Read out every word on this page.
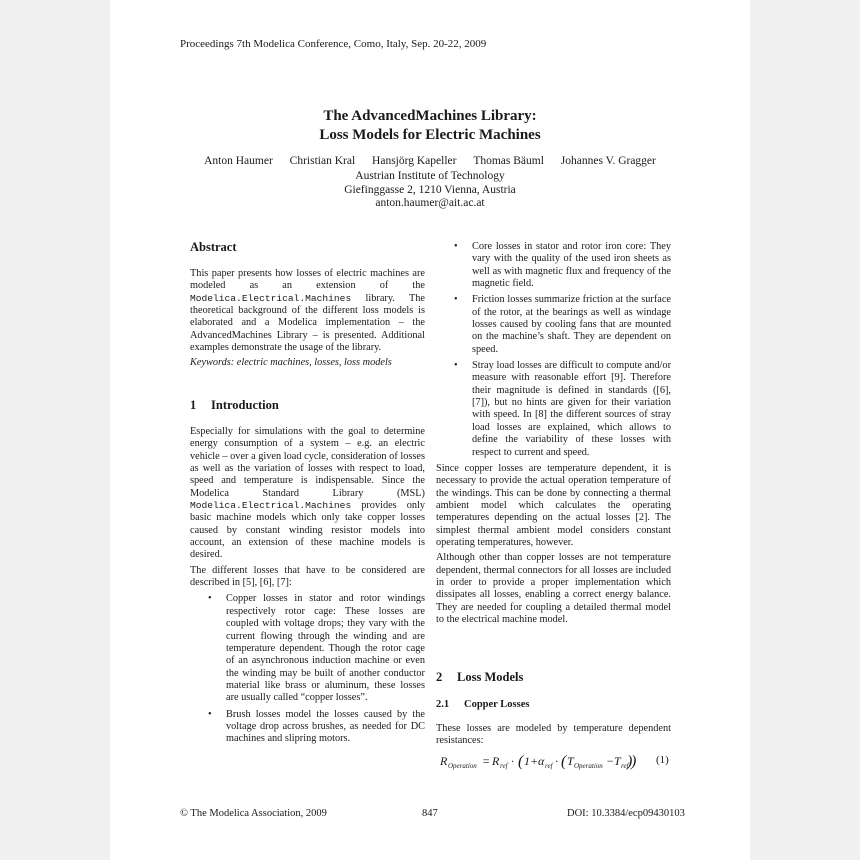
Proceedings 7th Modelica Conference, Como, Italy, Sep. 20-22, 2009
The AdvancedMachines Library:
Loss Models for Electric Machines
Anton Haumer Christian Kral Hansjörg Kapeller Thomas Bäuml Johannes V. Gragger
Austrian Institute of Technology
Giefinggasse 2, 1210 Vienna, Austria
anton.haumer@ait.ac.at
Abstract

This paper presents how losses of electric machines are modeled as an extension of the Modelica.Electrical.Machines library. The theoretical background of the different loss models is elaborated and a Modelica implementation – the AdvancedMachines Library – is presented. Additional examples demonstrate the usage of the library.

Keywords: electric machines, losses, loss models

1 Introduction

Especially for simulations with the goal to determine energy consumption of a system – e.g. an electric vehicle – over a given load cycle, consideration of losses as well as the variation of losses with respect to load, speed and temperature is indispensable. Since the Modelica Standard Library (MSL) Modelica.Electrical.Machines provides only basic machine models which only take copper losses caused by constant winding resistor models into account, an extension of these machine models is desired.

The different losses that have to be considered are described in [5], [6], [7]:

• Copper losses in stator and rotor windings respectively rotor cage: These losses are coupled with voltage drops; they vary with the current flowing through the winding and are temperature dependent. Though the rotor cage of an asynchronous induction machine or even the winding may be built of another conductor material like brass or aluminum, these losses are usually called “copper losses”.
• Brush losses model the losses caused by the voltage drop across brushes, as needed for DC machines and slipring motors.
• Core losses in stator and rotor iron core: They vary with the quality of the used iron sheets as well as with magnetic flux and frequency of the magnetic field.
• Friction losses summarize friction at the surface of the rotor, at the bearings as well as windage losses caused by cooling fans that are mounted on the machine’s shaft. They are dependent on speed.
• Stray load losses are difficult to compute and/or measure with reasonable effort [9]. Therefore their magnitude is defined in standards ([6], [7]), but no hints are given for their variation with speed. In [8] the different sources of stray load losses are explained, which allows to define the variability of these losses with respect to current and speed.

Since copper losses are temperature dependent, it is necessary to provide the actual operation temperature of the windings. This can be done by connecting a thermal ambient model which calculates the operating temperatures depending on the actual losses [2]. The simplest thermal ambient model considers constant operating temperatures, however.

Although other than copper losses are not temperature dependent, thermal connectors for all losses are included in order to provide a proper implementation which dissipates all losses, enabling a correct energy balance. They are needed for coupling a detailed thermal model to the electrical machine model.

2 Loss Models
2.1 Copper Losses

These losses are modeled by temperature dependent resistances:

R Operation = R ref · ( 1+ α ref · ( T Operation − T ref
)
) (1)
© The Modelica Association, 2009	847	DOI: 10.3384/ecp09430103
